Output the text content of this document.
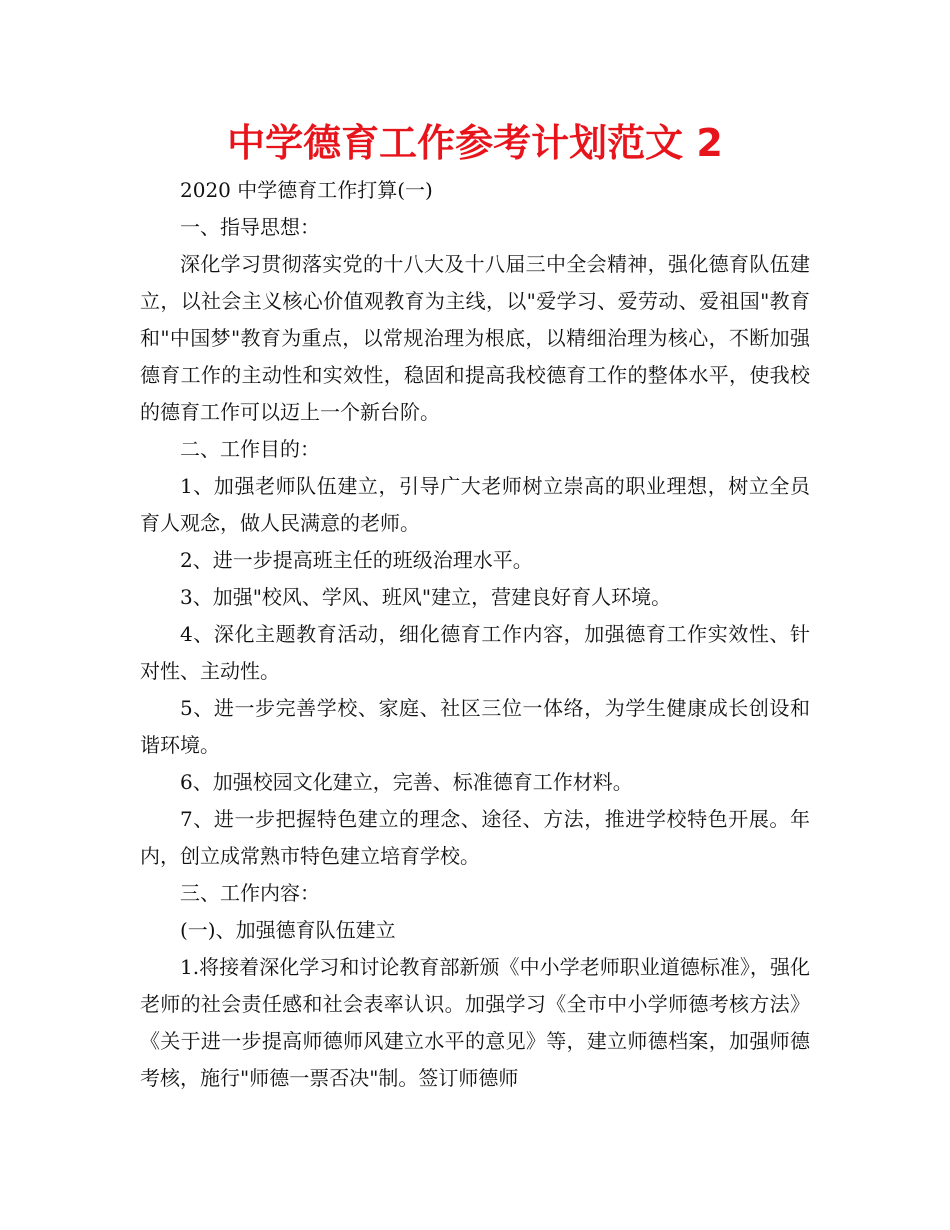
中学德育工作参考计划范文 2

2020 中学德育工作打算(一)

一、指导思想：

深化学习贯彻落实党的十八大及十八届三中全会精神，强化德育队伍建立，以社会主义核心价值观教育为主线，以"爱学习、爱劳动、爱祖国"教育和"中国梦"教育为重点，以常规治理为根底，以精细治理为核心，不断加强德育工作的主动性和实效性，稳固和提高我校德育工作的整体水平，使我校的德育工作可以迈上一个新台阶。

二、工作目的：

1、加强老师队伍建立，引导广大老师树立崇高的职业理想，树立全员育人观念，做人民满意的老师。

2、进一步提高班主任的班级治理水平。

3、加强"校风、学风、班风"建立，营建良好育人环境。

4、深化主题教育活动，细化德育工作内容，加强德育工作实效性、针对性、主动性。

5、进一步完善学校、家庭、社区三位一体络，为学生健康成长创设和谐环境。

6、加强校园文化建立，完善、标准德育工作材料。

7、进一步把握特色建立的理念、途径、方法，推进学校特色开展。年内，创立成常熟市特色建立培育学校。

三、工作内容：

(一)、加强德育队伍建立

1.将接着深化学习和讨论教育部新颁《中小学老师职业道德标准》，强化老师的社会责任感和社会表率认识。加强学习《全市中小学师德考核方法》《关于进一步提高师德师风建立水平的意见》等，建立师德档案，加强师德考核，施行"师德一票否决"制。签订师德师
